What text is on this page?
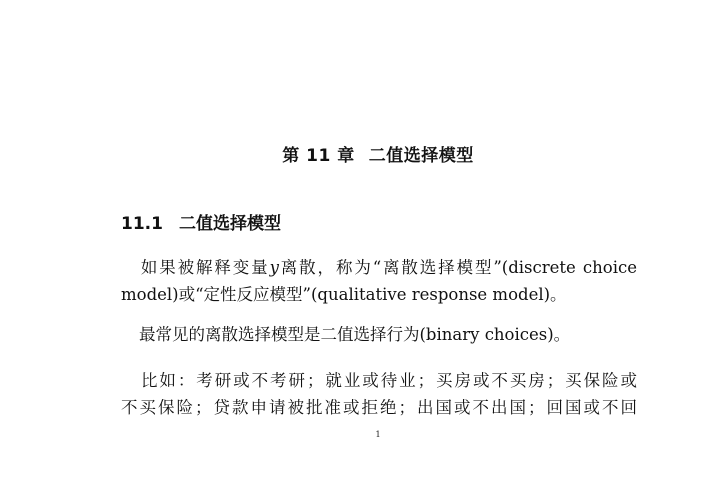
第 11 章 二值选择模型
11.1 二值选择模型
如果被解释变量y离散，称为“离散选择模型”(discrete choice
model)或“定性反应模型”(qualitative response model)。
最常见的离散选择模型是二值选择行为(binary choices)。
比如：考研或不考研；就业或待业；买房或不买房；买保险或
不买保险；贷款申请被批准或拒绝；出国或不出国；回国或不回
1
